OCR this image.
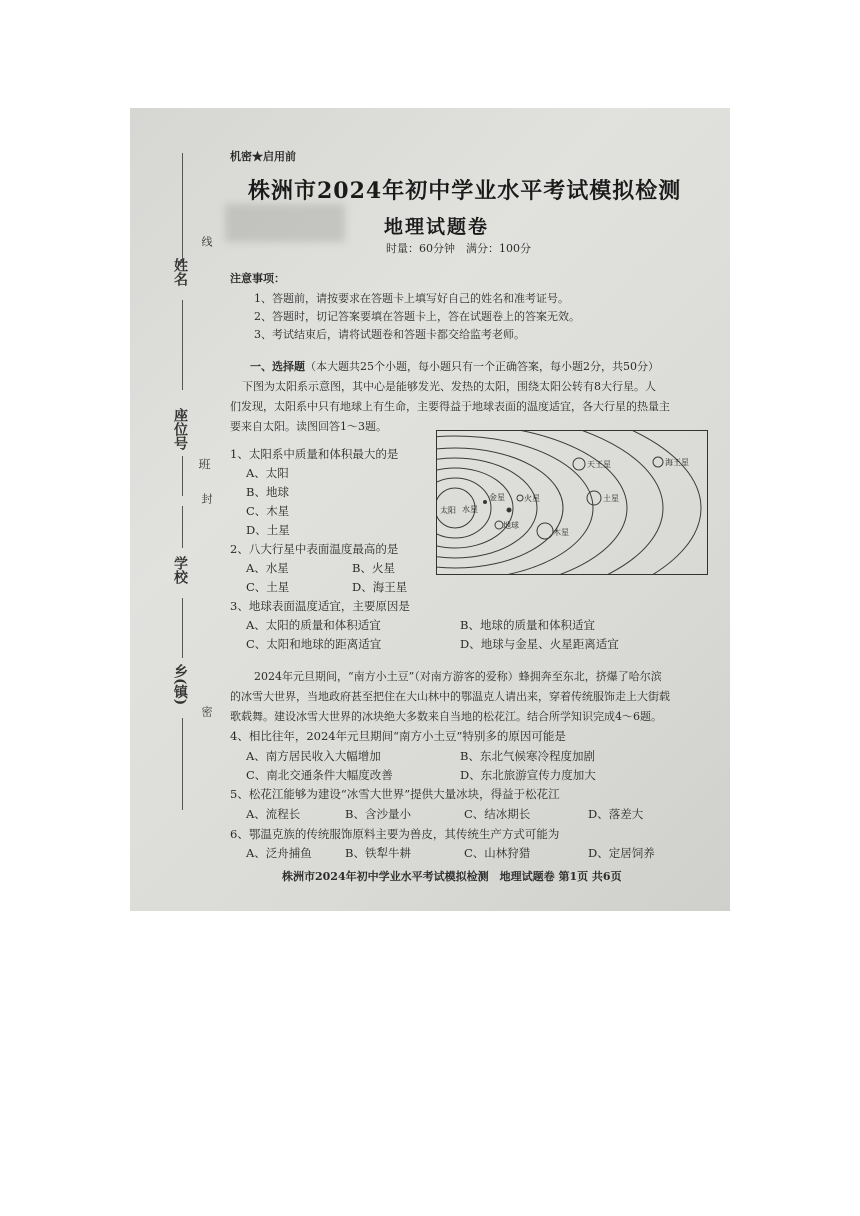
姓名
线
座位号
班
封
学校
乡(镇)
密
机密★启用前
株洲市2024年初中学业水平考试模拟检测
地理试题卷
时量：60分钟　满分：100分
注意事项：
1、答题前，请按要求在答题卡上填写好自己的姓名和准考证号。
2、答题时，切记答案要填在答题卡上，答在试题卷上的答案无效。
3、考试结束后，请将试题卷和答题卡都交给监考老师。
一、选择题（本大题共25个小题，每小题只有一个正确答案，每小题2分，共50分）
下图为太阳系示意图，其中心是能够发光、发热的太阳，围绕太阳公转有8大行星。人
们发现，太阳系中只有地球上有生命，主要得益于地球表面的温度适宜，各大行星的热量主
要来自太阳。读图回答1～3题。
太阳 水星
金星
地球
火星
木星
土星
天王星	海王星
1、太阳系中质量和体积最大的是
A、太阳
B、地球
C、木星
D、土星
2、八大行星中表面温度最高的是
A、水星	B、火星
C、土星	D、海王星
3、地球表面温度适宜，主要原因是
A、太阳的质量和体积适宜	B、地球的质量和体积适宜
C、太阳和地球的距离适宜	D、地球与金星、火星距离适宜
2024年元旦期间，“南方小土豆”（对南方游客的爱称）蜂拥奔至东北，挤爆了哈尔滨
的冰雪大世界，当地政府甚至把住在大山林中的鄂温克人请出来，穿着传统服饰走上大街载
歌载舞。建设冰雪大世界的冰块绝大多数来自当地的松花江。结合所学知识完成4～6题。
4、相比往年，2024年元旦期间“南方小土豆”特别多的原因可能是
A、南方居民收入大幅增加	B、东北气候寒冷程度加剧
C、南北交通条件大幅度改善	D、东北旅游宣传力度加大
5、松花江能够为建设“冰雪大世界”提供大量冰块，得益于松花江
A、流程长	B、含沙量小	C、结冰期长	D、落差大
6、鄂温克族的传统服饰原料主要为兽皮，其传统生产方式可能为
A、泛舟捕鱼	B、铁犁牛耕	C、山林狩猎	D、定居饲养
株洲市2024年初中学业水平考试模拟检测　地理试题卷 第1页 共6页
